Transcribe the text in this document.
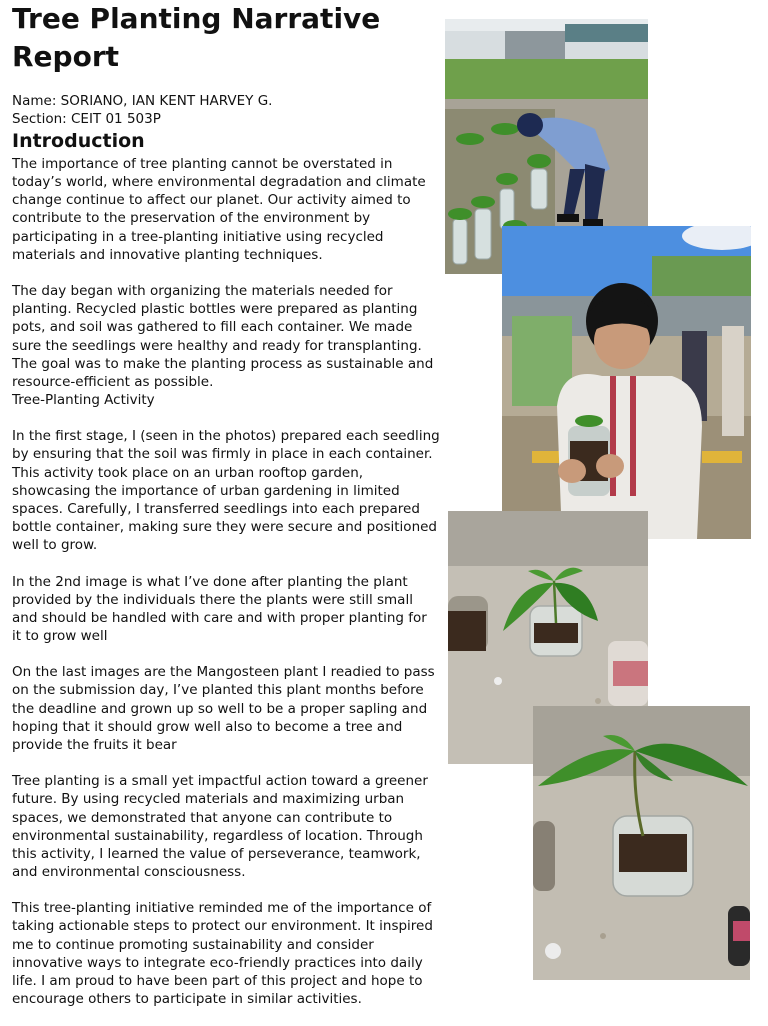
Tree Planting Narrative Report

Name: SORIANO, IAN KENT HARVEY G.

Section: CEIT 01 503P

Introduction

The importance of tree planting cannot be overstated in today’s world, where environmental degradation and climate change continue to affect our planet. Our activity aimed to contribute to the preservation of the environment by participating in a tree-planting initiative using recycled materials and innovative planting techniques.

The day began with organizing the materials needed for planting. Recycled plastic bottles were prepared as planting pots, and soil was gathered to fill each container. We made sure the seedlings were healthy and ready for transplanting. The goal was to make the planting process as sustainable and resource-efficient as possible.

Tree-Planting Activity

In the first stage, I (seen in the photos) prepared each seedling by ensuring that the soil was firmly in place in each container. This activity took place on an urban rooftop garden, showcasing the importance of urban gardening in limited spaces. Carefully, I transferred seedlings into each prepared bottle container, making sure they were secure and positioned well to grow.

In the 2nd image is what I’ve done after planting the plant provided by the individuals there the plants were still small and should be handled with care and with proper planting for it to grow well

On the last images are the Mangosteen plant I readied to pass on the submission day, I’ve planted this plant months before the deadline and grown up so well to be a proper sapling and hoping that it should grow well also to become a tree and provide the fruits it bear

Tree planting is a small yet impactful action toward a greener future. By using recycled materials and maximizing urban spaces, we demonstrated that anyone can contribute to environmental sustainability, regardless of location. Through this activity, I learned the value of perseverance, teamwork, and environmental consciousness.

This tree-planting initiative reminded me of the importance of taking actionable steps to protect our environment. It inspired me to continue promoting sustainability and consider innovative ways to integrate eco-friendly practices into daily life. I am proud to have been part of this project and hope to encourage others to participate in similar activities.
